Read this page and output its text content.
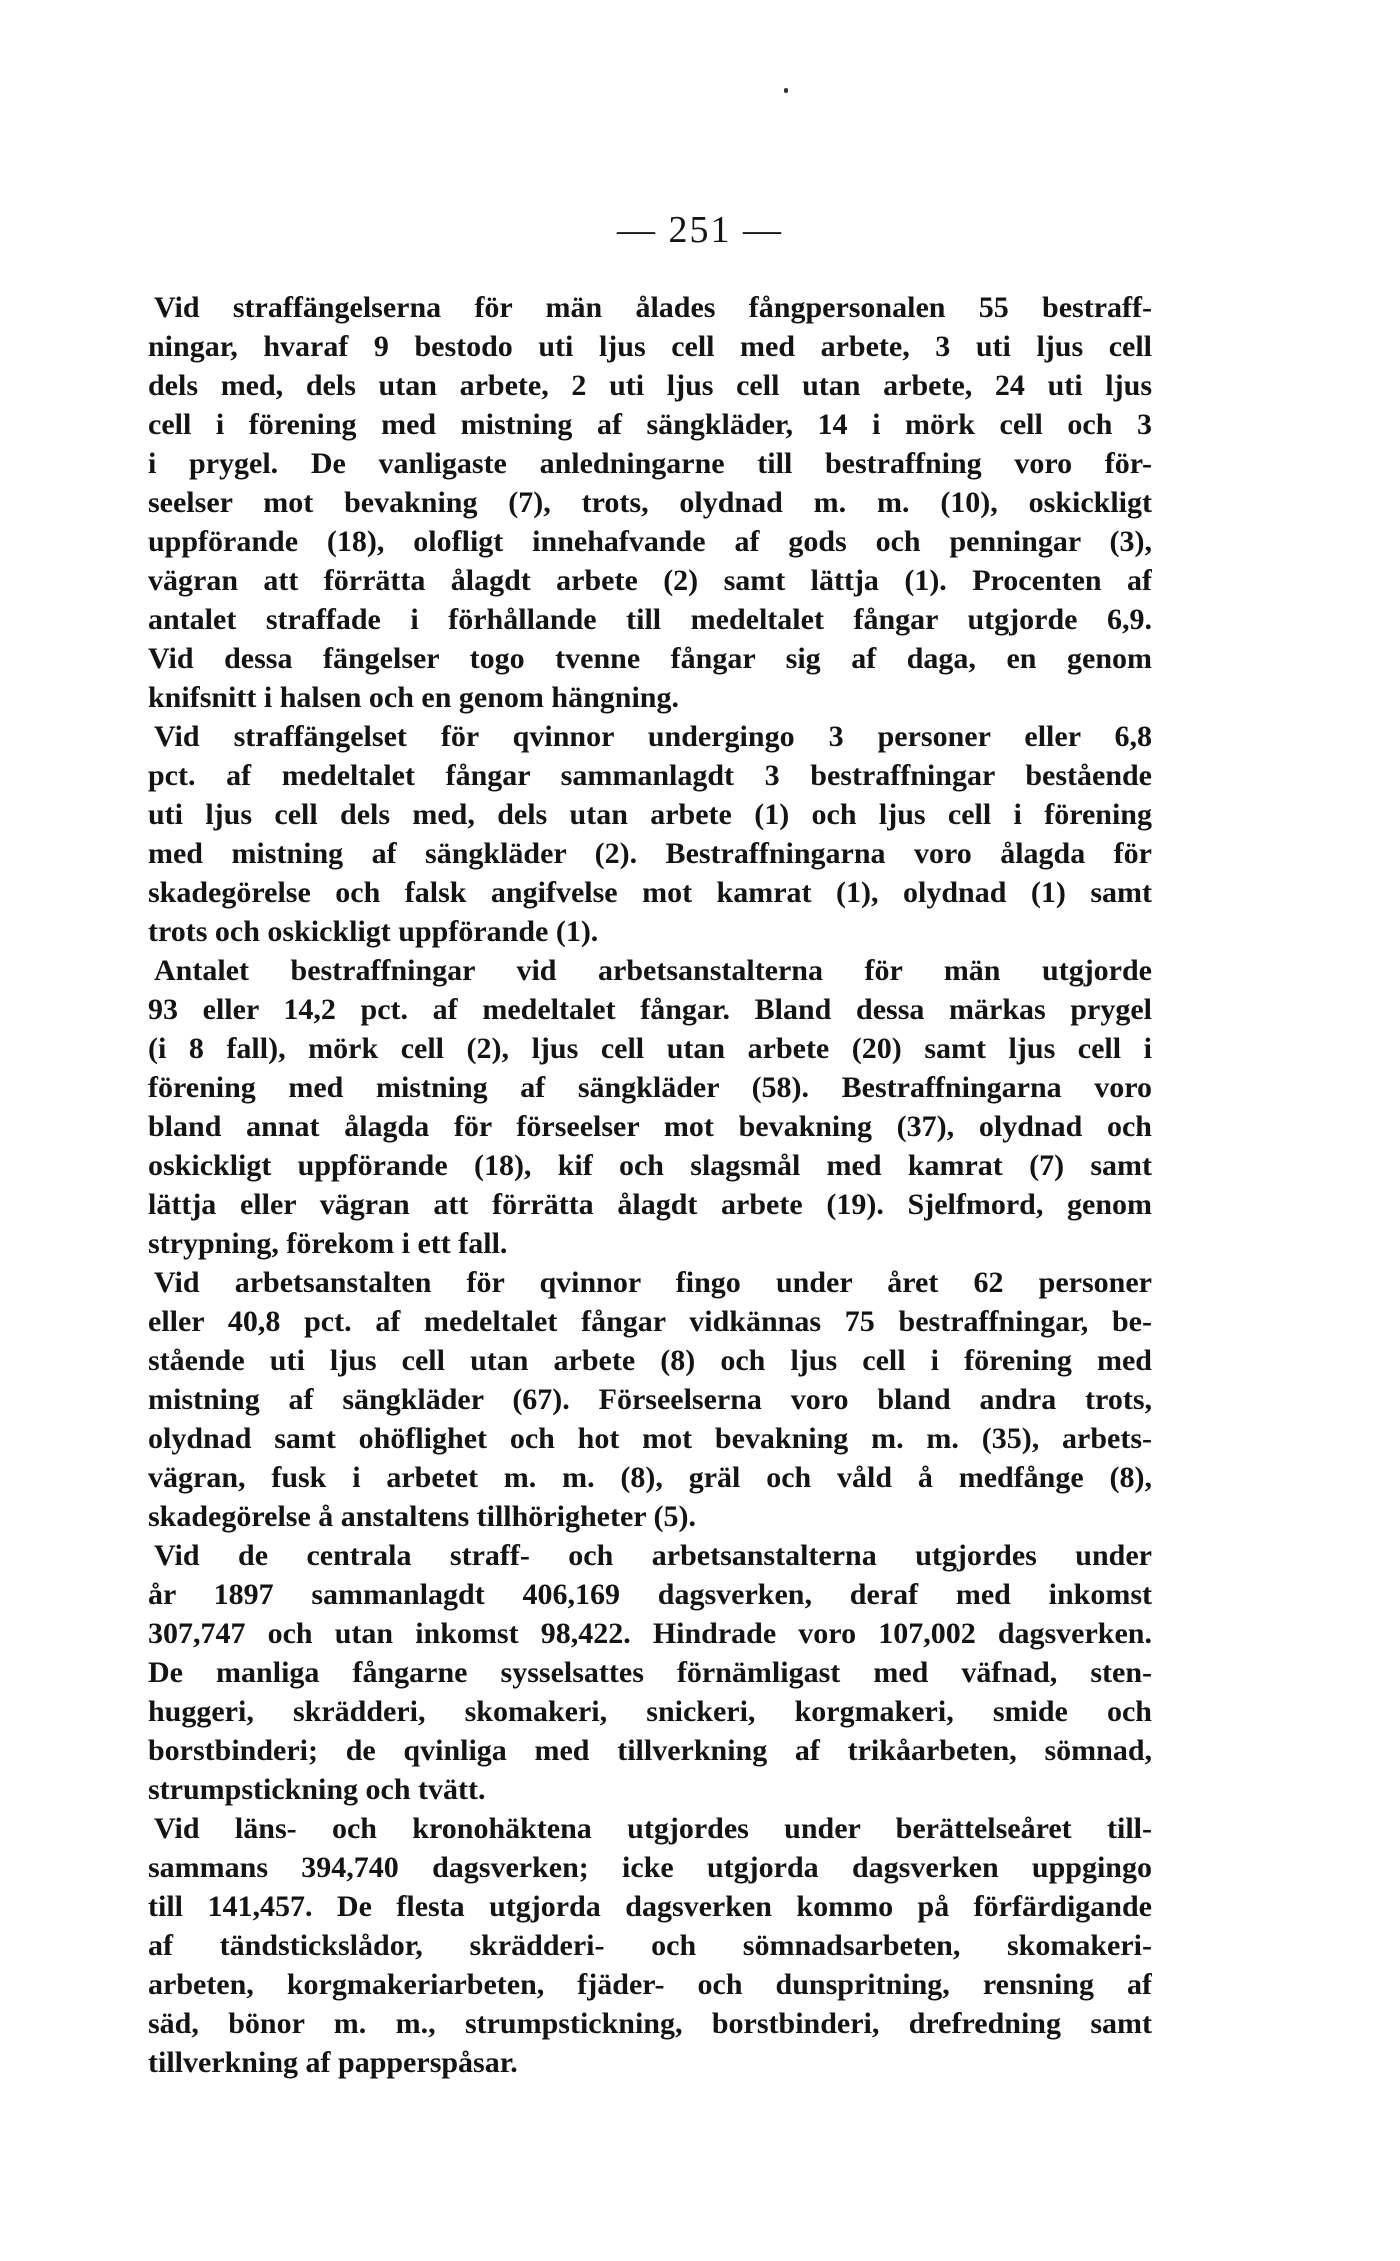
— 251 —
Vid straffängelserna för män ålades fångpersonalen 55 bestraff-
ningar, hvaraf 9 bestodo uti ljus cell med arbete, 3 uti ljus cell
dels med, dels utan arbete, 2 uti ljus cell utan arbete, 24 uti ljus
cell i förening med mistning af sängkläder, 14 i mörk cell och 3
i prygel. De vanligaste anledningarne till bestraffning voro för-
seelser mot bevakning (7), trots, olydnad m. m. (10), oskickligt
uppförande (18), olofligt innehafvande af gods och penningar (3),
vägran att förrätta ålagdt arbete (2) samt lättja (1). Procenten af
antalet straffade i förhållande till medeltalet fångar utgjorde 6,9.
Vid dessa fängelser togo tvenne fångar sig af daga, en genom
knifsnitt i halsen och en genom hängning.
Vid straffängelset för qvinnor undergingo 3 personer eller 6,8
pct. af medeltalet fångar sammanlagdt 3 bestraffningar bestående
uti ljus cell dels med, dels utan arbete (1) och ljus cell i förening
med mistning af sängkläder (2). Bestraffningarna voro ålagda för
skadegörelse och falsk angifvelse mot kamrat (1), olydnad (1) samt
trots och oskickligt uppförande (1).
Antalet bestraffningar vid arbetsanstalterna för män utgjorde
93 eller 14,2 pct. af medeltalet fångar. Bland dessa märkas prygel
(i 8 fall), mörk cell (2), ljus cell utan arbete (20) samt ljus cell i
förening med mistning af sängkläder (58). Bestraffningarna voro
bland annat ålagda för förseelser mot bevakning (37), olydnad och
oskickligt uppförande (18), kif och slagsmål med kamrat (7) samt
lättja eller vägran att förrätta ålagdt arbete (19). Sjelfmord, genom
strypning, förekom i ett fall.
Vid arbetsanstalten för qvinnor fingo under året 62 personer
eller 40,8 pct. af medeltalet fångar vidkännas 75 bestraffningar, be-
stående uti ljus cell utan arbete (8) och ljus cell i förening med
mistning af sängkläder (67). Förseelserna voro bland andra trots,
olydnad samt ohöflighet och hot mot bevakning m. m. (35), arbets-
vägran, fusk i arbetet m. m. (8), gräl och våld å medfånge (8),
skadegörelse å anstaltens tillhörigheter (5).
Vid de centrala straff- och arbetsanstalterna utgjordes under
år 1897 sammanlagdt 406,169 dagsverken, deraf med inkomst
307,747 och utan inkomst 98,422. Hindrade voro 107,002 dagsverken.
De manliga fångarne sysselsattes förnämligast med väfnad, sten-
huggeri, skrädderi, skomakeri, snickeri, korgmakeri, smide och
borstbinderi; de qvinliga med tillverkning af trikåarbeten, sömnad,
strumpstickning och tvätt.
Vid läns- och kronohäktena utgjordes under berättelseåret till-
sammans 394,740 dagsverken; icke utgjorda dagsverken uppgingo
till 141,457. De flesta utgjorda dagsverken kommo på förfärdigande
af tändstickslådor, skrädderi- och sömnadsarbeten, skomakeri-
arbeten, korgmakeriarbeten, fjäder- och dunspritning, rensning af
säd, bönor m. m., strumpstickning, borstbinderi, drefredning samt
tillverkning af papperspåsar.
